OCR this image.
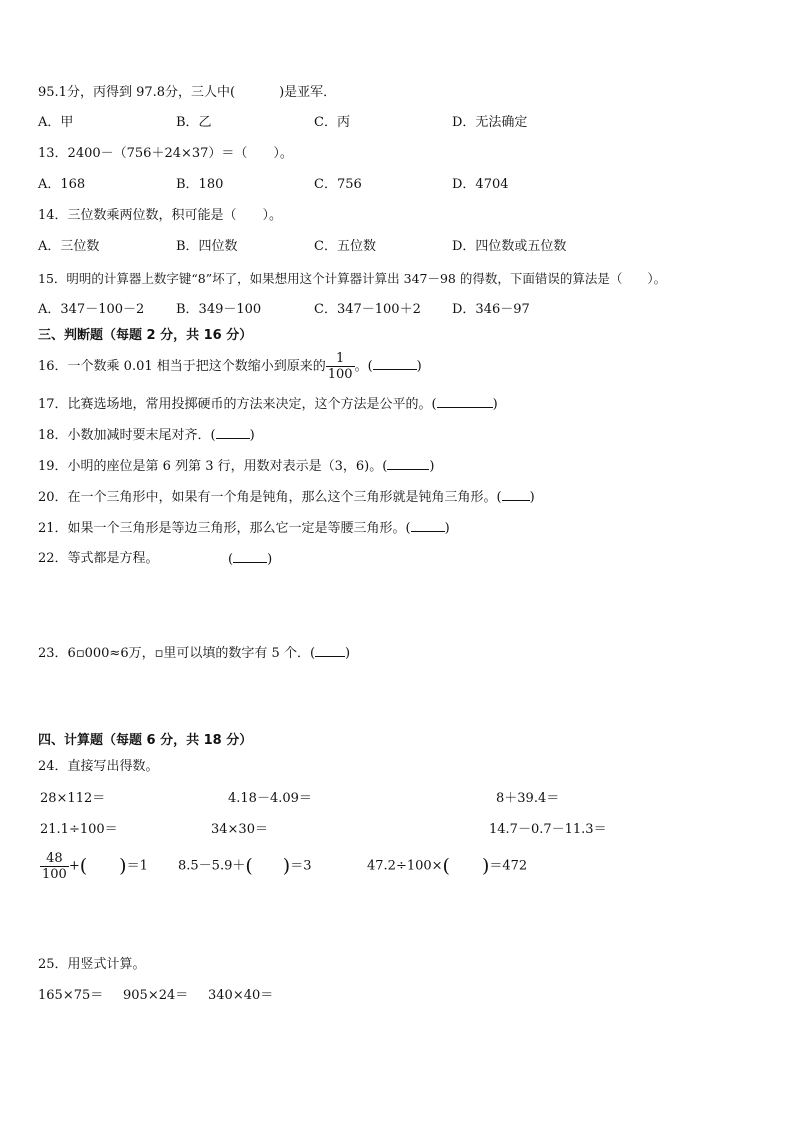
95.1分，丙得到 97.8分，三人中(	)是亚军．
A．甲	B．乙	C．丙	D．无法确定
13．2400－（756＋24×37）＝（　　）。
A．168	B．180	C．756	D．4704
14．三位数乘两位数，积可能是（　　）。
A．三位数	B．四位数	C．五位数	D．四位数或五位数
15．明明的计算器上数字键“8”坏了，如果想用这个计算器计算出 347－98 的得数，下面错误的算法是（　　）。
A．347－100－2 B．349－100	C．347－100＋2 D．346－97
三、判断题（每题 2 分，共 16 分）
16．一个数乘 0.01 相当于把这个数缩小到原来的 $\frac{1}{100}$ 。(	)
17．比赛选场地，常用投掷硬币的方法来决定，这个方法是公平的。(	)
18．小数加减时要末尾对齐．(	)
19．小明的座位是第 6 列第 3 行，用数对表示是（3，6)。(	)
20．在一个三角形中，如果有一个角是钝角，那么这个三角形就是钝角三角形。( )
21．如果一个三角形是等边三角形，那么它一定是等腰三角形。(	)
22．等式都是方程。	(	)
23．6▫000≈6万，▫里可以填的数字有 5 个．( )
四、计算题（每题 6 分，共 18 分）
24．直接写出得数。
28×112＝	4.18－4.09＝	8＋39.4＝
21.1÷100＝	34×30＝	14.7－0.7－11.3＝
$\frac{48}{100}$ +( )＝1 8.5－5.9＋( )＝3	47.2÷100×( )＝472
25．用竖式计算。
165×75＝ 905×24＝ 340×40＝
